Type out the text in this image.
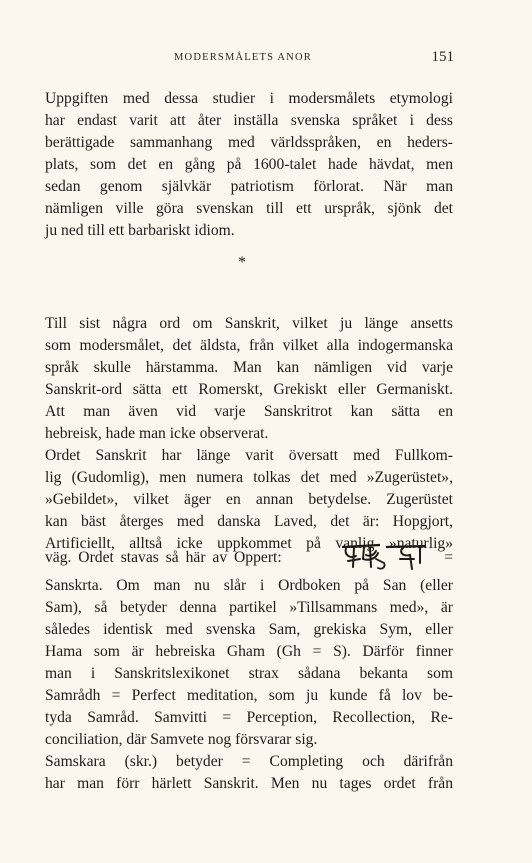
MODERSMÅLETS ANOR	151
Uppgiften med dessa studier i modersmålets etymologi
har endast varit att åter inställa svenska språket i dess
berättigade sammanhang med världsspråken, en heders-
plats, som det en gång på 1600-talet hade hävdat, men
sedan genom självkär patriotism förlorat. När man
nämligen ville göra svenskan till ett urspråk, sjönk det
ju ned till ett barbariskt idiom.
*
Till sist några ord om Sanskrit, vilket ju länge ansetts
som modersmålet, det äldsta, från vilket alla indogermanska
språk skulle härstamma. Man kan nämligen vid varje
Sanskrit-ord sätta ett Romerskt, Grekiskt eller Germaniskt.
Att man även vid varje Sanskritrot kan sätta en
hebreisk, hade man icke observerat.
Ordet Sanskrit har länge varit översatt med Fullkom-
lig (Gudomlig), men numera tolkas det med »Zugerüstet»,
»Gebildet», vilket äger en annan betydelse. Zugerüstet
kan bäst återges med danska Laved, det är: Hopgjort,
Artificiellt, alltså icke uppkommet på vanlig »naturlig»
väg. Ordet stavas så här av Oppert:	=
Sanskrta. Om man nu slår i Ordboken på San (eller
Sam), så betyder denna partikel »Tillsammans med», är
således identisk med svenska Sam, grekiska Sym, eller
Hama som är hebreiska Gham (Gh = S). Därför finner
man i Sanskritslexikonet strax sådana bekanta som
Samrådh = Perfect meditation, som ju kunde få lov be-
tyda Samråd. Samvitti = Perception, Recollection, Re-
conciliation, där Samvete nog försvarar sig.
Samskara (skr.) betyder = Completing och därifrån
har man förr härlett Sanskrit. Men nu tages ordet från
